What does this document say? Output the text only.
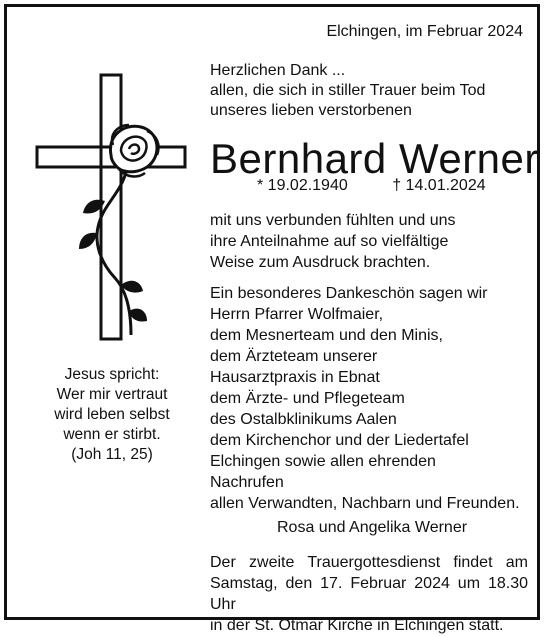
Elchingen, im Februar 2024
Herzlichen Dank ...
allen, die sich in stiller Trauer beim Tod
unseres lieben verstorbenen
Bernhard Werner
* 19.02.1940	† 14.01.2024
mit uns verbunden fühlten und uns
ihre Anteilnahme auf so vielfältige
Weise zum Ausdruck brachten.
Ein besonderes Dankeschön sagen wir
Herrn Pfarrer Wolfmaier,
dem Mesnerteam und den Minis,
dem Ärzteteam unserer
Hausarztpraxis in Ebnat
dem Ärzte- und Pflegeteam
des Ostalbklinikums Aalen
dem Kirchenchor und der Liedertafel
Elchingen sowie allen ehrenden
Nachrufen
allen Verwandten, Nachbarn und Freunden.
Rosa und Angelika Werner
Der zweite Trauergottesdienst findet am
Samstag, den 17. Februar 2024 um 18.30 Uhr
in der St. Otmar Kirche in Elchingen statt.
Jesus spricht:
Wer mir vertraut
wird leben selbst
wenn er stirbt.
(Joh 11, 25)
